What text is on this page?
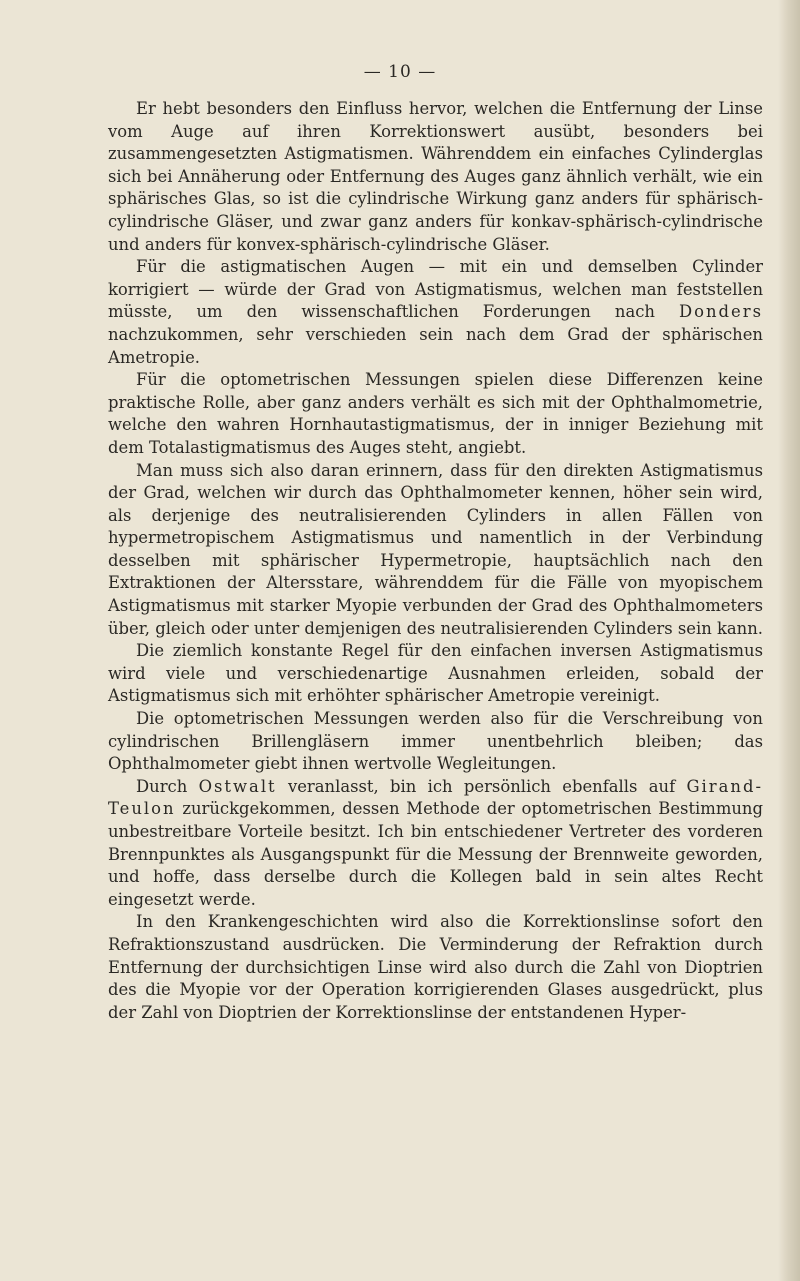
— 10 —

Er hebt besonders den Einfluss hervor, welchen die Entfernung der Linse vom Auge auf ihren Korrektionswert ausübt, besonders bei zusammengesetzten Astigmatismen. Währenddem ein einfaches Cylinderglas sich bei Annäherung oder Entfernung des Auges ganz ähnlich verhält, wie ein sphärisches Glas, so ist die cylindrische Wirkung ganz anders für sphärisch-cylindrische Gläser, und zwar ganz anders für konkav-sphärisch-cylindrische und anders für konvex-sphärisch-cylindrische Gläser.

Für die astigmatischen Augen — mit ein und demselben Cylinder korrigiert — würde der Grad von Astigmatismus, welchen man feststellen müsste, um den wissenschaftlichen Forderungen nach Donders nachzukommen, sehr verschieden sein nach dem Grad der sphärischen Ametropie.

Für die optometrischen Messungen spielen diese Differenzen keine praktische Rolle, aber ganz anders verhält es sich mit der Ophthalmometrie, welche den wahren Hornhautastigmatismus, der in inniger Beziehung mit dem Totalastigmatismus des Auges steht, angiebt.

Man muss sich also daran erinnern, dass für den direkten Astigmatismus der Grad, welchen wir durch das Ophthalmometer kennen, höher sein wird, als derjenige des neutralisierenden Cylinders in allen Fällen von hypermetropischem Astigmatismus und namentlich in der Verbindung desselben mit sphärischer Hypermetropie, hauptsächlich nach den Extraktionen der Altersstare, währenddem für die Fälle von myopischem Astigmatismus mit starker Myopie verbunden der Grad des Ophthalmometers über, gleich oder unter demjenigen des neutralisierenden Cylinders sein kann.

Die ziemlich konstante Regel für den einfachen inversen Astigmatismus wird viele und verschiedenartige Ausnahmen erleiden, sobald der Astigmatismus sich mit erhöhter sphärischer Ametropie vereinigt.

Die optometrischen Messungen werden also für die Verschreibung von cylindrischen Brillengläsern immer unentbehrlich bleiben; das Ophthalmometer giebt ihnen wertvolle Wegleitungen.

Durch Ostwalt veranlasst, bin ich persönlich ebenfalls auf Girand-Teulon zurückgekommen, dessen Methode der optometrischen Bestimmung unbestreitbare Vorteile besitzt. Ich bin entschiedener Vertreter des vorderen Brennpunktes als Ausgangspunkt für die Messung der Brennweite geworden, und hoffe, dass derselbe durch die Kollegen bald in sein altes Recht eingesetzt werde.

In den Krankengeschichten wird also die Korrektionslinse sofort den Refraktionszustand ausdrücken. Die Verminderung der Refraktion durch Entfernung der durchsichtigen Linse wird also durch die Zahl von Dioptrien des die Myopie vor der Operation korrigierenden Glases ausgedrückt, plus der Zahl von Dioptrien der Korrektionslinse der entstandenen Hyper-
